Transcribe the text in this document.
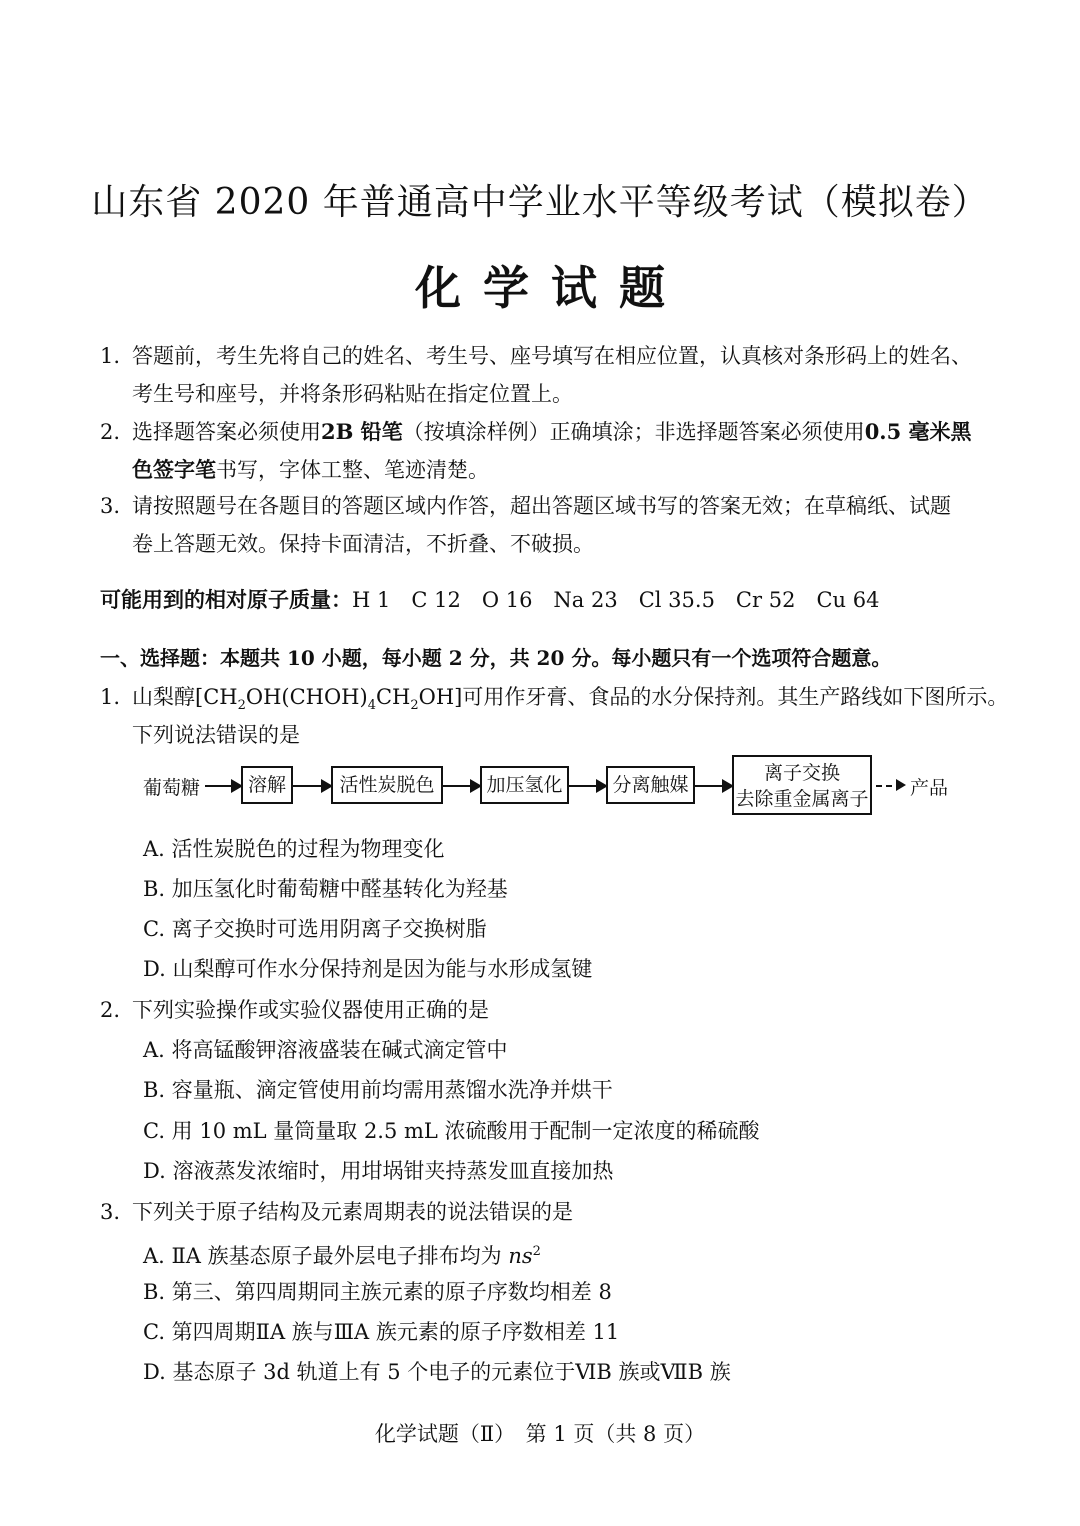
山东省 2020 年普通高中学业水平等级考试（模拟卷）
化学试题
1. 答题前，考生先将自己的姓名、考生号、座号填写在相应位置，认真核对条形码上的姓名、
考生号和座号，并将条形码粘贴在指定位置上。
2. 选择题答案必须使用2B 铅笔（按填涂样例）正确填涂；非选择题答案必须使用0.5 毫米黑
色签字笔书写，字体工整、笔迹清楚。
3. 请按照题号在各题目的答题区域内作答，超出答题区域书写的答案无效；在草稿纸、试题
卷上答题无效。保持卡面清洁，不折叠、不破损。
可能用到的相对原子质量：H 1　C 12　O 16　Na 23　Cl 35.5　Cr 52　Cu 64
一、选择题：本题共 10 小题，每小题 2 分，共 20 分。每小题只有一个选项符合题意。
1. 山梨醇$[CH_2OH(CHOH)_4CH_2OH]$可用作牙膏、食品的水分保持剂。其生产路线如下图所示。
下列说法错误的是
葡萄糖	溶解	活性炭脱色	加压氢化	分离触媒
离子交换
去除重金属离子 产品
A. 活性炭脱色的过程为物理变化
B. 加压氢化时葡萄糖中醛基转化为羟基
C. 离子交换时可选用阴离子交换树脂
D. 山梨醇可作水分保持剂是因为能与水形成氢键
2. 下列实验操作或实验仪器使用正确的是
A. 将高锰酸钾溶液盛装在碱式滴定管中
B. 容量瓶、滴定管使用前均需用蒸馏水洗净并烘干
C. 用 10 mL 量筒量取 2.5 mL 浓硫酸用于配制一定浓度的稀硫酸
D. 溶液蒸发浓缩时，用坩埚钳夹持蒸发皿直接加热
3. 下列关于原子结构及元素周期表的说法错误的是
A. ⅡA 族基态原子最外层电子排布均为 $ns^2$
B. 第三、第四周期同主族元素的原子序数均相差 8
C. 第四周期ⅡA 族与ⅢA 族元素的原子序数相差 11
D. 基态原子 3d 轨道上有 5 个电子的元素位于ⅥB 族或ⅦB 族
化学试题（Ⅱ）　第 1 页（共 8 页）
